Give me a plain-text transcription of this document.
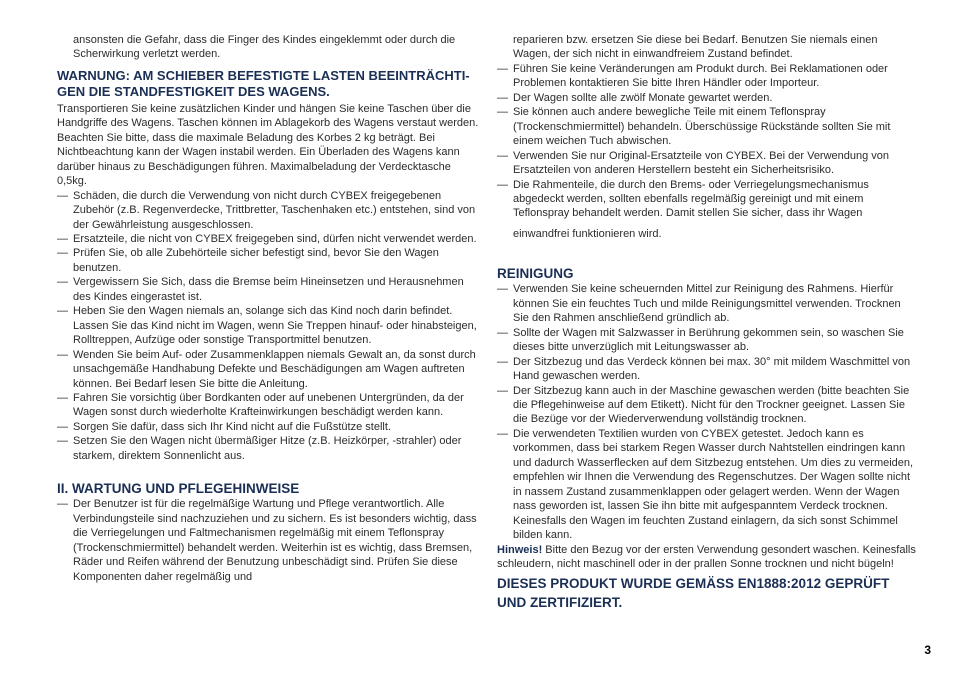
ansonsten die Gefahr, dass die Finger des Kindes eingeklemmt oder durch die Scherwirkung verletzt werden.

WARNUNG: AM SCHIEBER BEFESTIGTE LASTEN BEEINTRÄCHTI-GEN DIE STANDFESTIGKEIT DES WAGENS.

Transportieren Sie keine zusätzlichen Kinder und hängen Sie keine Taschen über die Handgriffe des Wagens. Taschen können im Ablagekorb des Wagens verstaut werden.

Beachten Sie bitte, dass die maximale Beladung des Korbes 2 kg beträgt. Bei Nichtbeachtung kann der Wagen instabil werden. Ein Überladen des Wagens kann darüber hinaus zu Beschädigungen führen. Maximalbeladung der Verdecktasche 0,5kg.

— Schäden, die durch die Verwendung von nicht durch CYBEX freigegebenen Zubehör (z.B. Regenverdecke, Trittbretter, Taschenhaken etc.) entstehen, sind von der Gewährleistung ausgeschlossen.
— Ersatzteile, die nicht von CYBEX freigegeben sind, dürfen nicht verwendet werden.
— Prüfen Sie, ob alle Zubehörteile sicher befestigt sind, bevor Sie den Wagen benutzen.
— Vergewissern Sie Sich, dass die Bremse beim Hineinsetzen und Herausnehmen des Kindes eingerastet ist.
— Heben Sie den Wagen niemals an, solange sich das Kind noch darin befindet. Lassen Sie das Kind nicht im Wagen, wenn Sie Treppen hinauf- oder hinabsteigen, Rolltreppen, Aufzüge oder sonstige Transportmittel benutzen.
— Wenden Sie beim Auf- oder Zusammenklappen niemals Gewalt an, da sonst durch unsachgemäße Handhabung Defekte und Beschädigungen am Wagen auftreten können. Bei Bedarf lesen Sie bitte die Anleitung.
— Fahren Sie vorsichtig über Bordkanten oder auf unebenen Untergründen, da der Wagen sonst durch wiederholte Krafteinwirkungen beschädigt werden kann.
— Sorgen Sie dafür, dass sich Ihr Kind nicht auf die Fußstütze stellt.
— Setzen Sie den Wagen nicht übermäßiger Hitze (z.B. Heizkörper, -strahler) oder starkem, direktem Sonnenlicht aus.
II. WARTUNG UND PFLEGEHINWEISE
— Der Benutzer ist für die regelmäßige Wartung und Pflege verantwortlich. Alle Verbindungsteile sind nachzuziehen und zu sichern. Es ist besonders wichtig, dass die Verriegelungen und Faltmechanismen regelmäßig mit einem Teflonspray (Trockenschmiermittel) behandelt werden. Weiterhin ist es wichtig, dass Bremsen, Räder und Reifen während der Benutzung unbeschädigt sind. Prüfen Sie diese Komponenten daher regelmäßig und

reparieren bzw. ersetzen Sie diese bei Bedarf. Benutzen Sie niemals einen Wagen, der sich nicht in einwandfreiem Zustand befindet.

— Führen Sie keine Veränderungen am Produkt durch. Bei Reklamationen oder Problemen kontaktieren Sie bitte Ihren Händler oder Importeur.
— Der Wagen sollte alle zwölf Monate gewartet werden.
— Sie können auch andere bewegliche Teile mit einem Teflonspray (Trockenschmiermittel) behandeln. Überschüssige Rückstände sollten Sie mit einem weichen Tuch abwischen.
— Verwenden Sie nur Original-Ersatzteile von CYBEX. Bei der Verwendung von Ersatzteilen von anderen Herstellern besteht ein Sicherheitsrisiko.
— Die Rahmenteile, die durch den Brems- oder Verriegelungsmechanismus abgedeckt werden, sollten ebenfalls regelmäßig gereinigt und mit einem Teflonspray behandelt werden. Damit stellen Sie sicher, dass ihr Wagen
einwandfrei funktionieren wird.
REINIGUNG
— Verwenden Sie keine scheuernden Mittel zur Reinigung des Rahmens. Hierfür können Sie ein feuchtes Tuch und milde Reinigungsmittel verwenden. Trocknen Sie den Rahmen anschließend gründlich ab.
— Sollte der Wagen mit Salzwasser in Berührung gekommen sein, so waschen Sie dieses bitte unverzüglich mit Leitungswasser ab.
— Der Sitzbezug und das Verdeck können bei max. 30° mit mildem Waschmittel von Hand gewaschen werden.
— Der Sitzbezug kann auch in der Maschine gewaschen werden (bitte beachten Sie die Pflegehinweise auf dem Etikett). Nicht für den Trockner geeignet. Lassen Sie die Bezüge vor der Wiederverwendung vollständig trocknen.
— Die verwendeten Textilien wurden von CYBEX getestet. Jedoch kann es vorkommen, dass bei starkem Regen Wasser durch Nahtstellen eindringen kann und dadurch Wasserflecken auf dem Sitzbezug entstehen. Um dies zu vermeiden, empfehlen wir Ihnen die Verwendung des Regenschutzes. Der Wagen sollte nicht in nassem Zustand zusammenklappen oder gelagert werden. Wenn der Wagen nass geworden ist, lassen Sie ihn bitte mit aufgespanntem Verdeck trocknen. Keinesfalls den Wagen im feuchten Zustand einlagern, da sich sonst Schimmel bilden kann.

Hinweis! Bitte den Bezug vor der ersten Verwendung gesondert waschen. Keinesfalls schleudern, nicht maschinell oder in der prallen Sonne trocknen und nicht bügeln!

DIESES PRODUKT WURDE GEMÄSS EN1888:2012 GEPRÜFT UND ZERTIFIZIERT.
3
